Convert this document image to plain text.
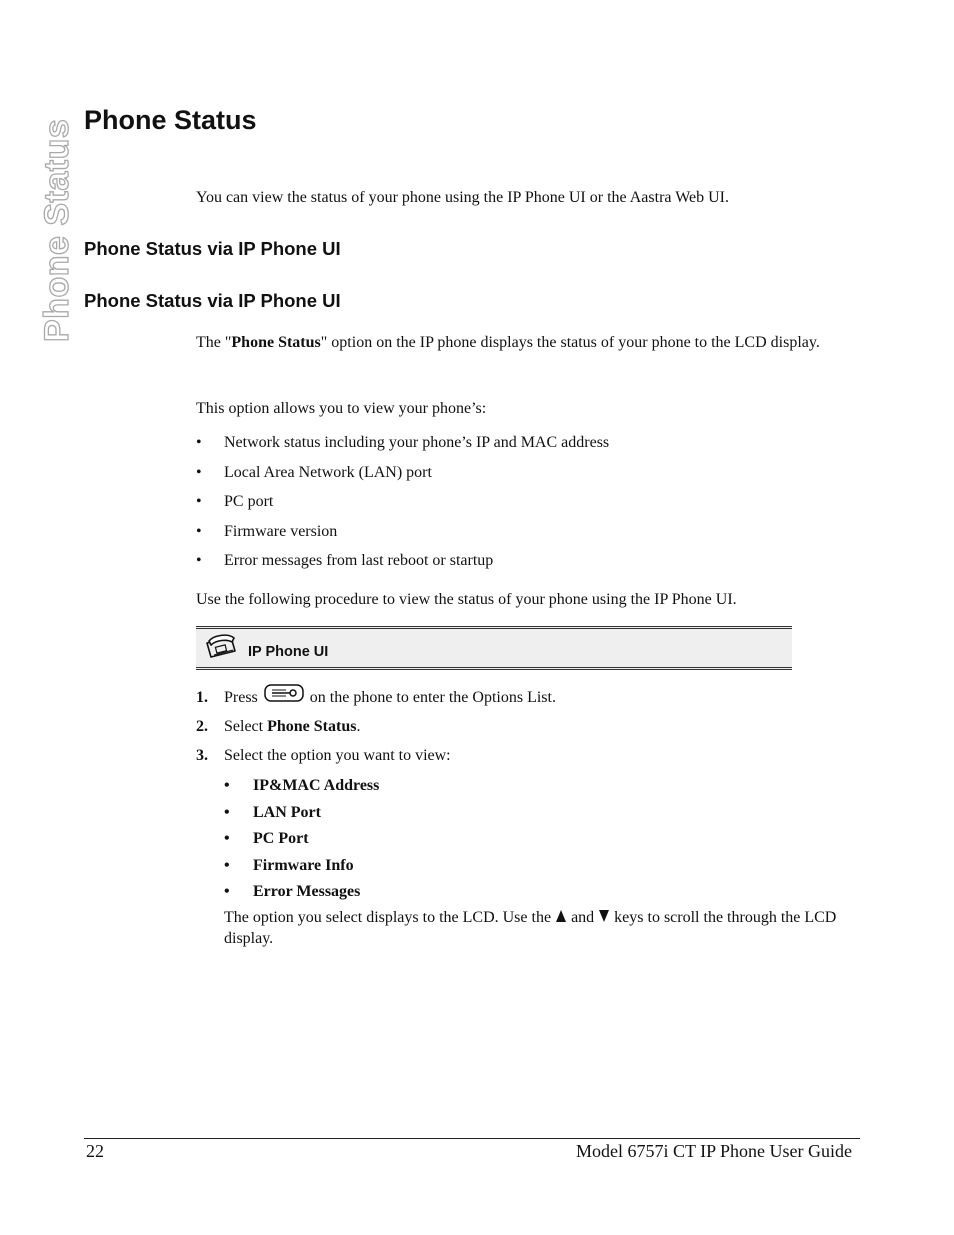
Phone Status Phone Status

You can view the status of your phone using the IP Phone UI or the Aastra Web UI.

Phone Status via IP Phone UI
Phone Status via IP Phone UI

The "Phone Status" option on the IP phone displays the status of your phone to the LCD display.

This option allows you to view your phone’s:

• Network status including your phone’s IP and MAC address
• Local Area Network (LAN) port
• PC port
• Firmware version
• Error messages from last reboot or startup

Use the following procedure to view the status of your phone using the IP Phone UI.

IP Phone UI
1. Press	on the phone to enter the Options List.
2. Select Phone Status.
3. Select the option you want to view:
• IP&MAC Address
• LAN Port
• PC Port
• Firmware Info
• Error Messages
The option you select displays to the LCD. Use the and keys to scroll the through the LCD display.
22	Model 6757i CT IP Phone User Guide
